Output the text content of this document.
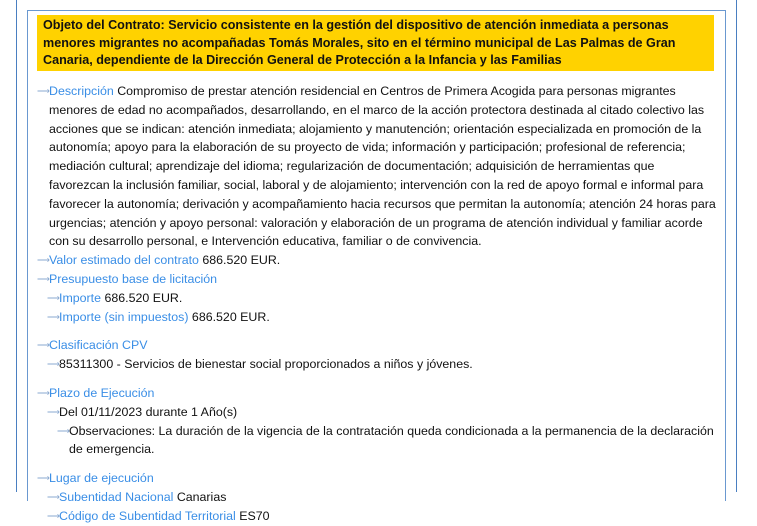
Objeto del Contrato: Servicio consistente en la gestión del dispositivo de atención inmediata a personas menores migrantes no acompañadas Tomás Morales, sito en el término municipal de Las Palmas de Gran Canaria, dependiente de la Dirección General de Protección a la Infancia y las Familias
⟶ Descripción Compromiso de prestar atención residencial en Centros de Primera Acogida para personas migrantes menores de edad no acompañados, desarrollando, en el marco de la acción protectora destinada al citado colectivo las acciones que se indican: atención inmediata; alojamiento y manutención; orientación especializada en promoción de la autonomía; apoyo para la elaboración de su proyecto de vida; información y participación; profesional de referencia; mediación cultural; aprendizaje del idioma; regularización de documentación; adquisición de herramientas que favorezcan la inclusión familiar, social, laboral y de alojamiento; intervención con la red de apoyo formal e informal para favorecer la autonomía; derivación y acompañamiento hacia recursos que permitan la autonomía; atención 24 horas para urgencias; atención y apoyo personal: valoración y elaboración de un programa de atención individual y familiar acorde con su desarrollo personal, e Intervención educativa, familiar o de convivencia.
⟶ Valor estimado del contrato 686.520 EUR.
⟶ Presupuesto base de licitación
⟶ Importe 686.520 EUR.
⟶ Importe (sin impuestos) 686.520 EUR.
⟶ Clasificación CPV
⟶ 85311300 - Servicios de bienestar social proporcionados a niños y jóvenes.
⟶ Plazo de Ejecución
⟶ Del 01/11/2023 durante 1 Año(s)
⟶ Observaciones: La duración de la vigencia de la contratación queda condicionada a la permanencia de la declaración de emergencia.
⟶ Lugar de ejecución
⟶ Subentidad Nacional Canarias
⟶ Código de Subentidad Territorial ES70
